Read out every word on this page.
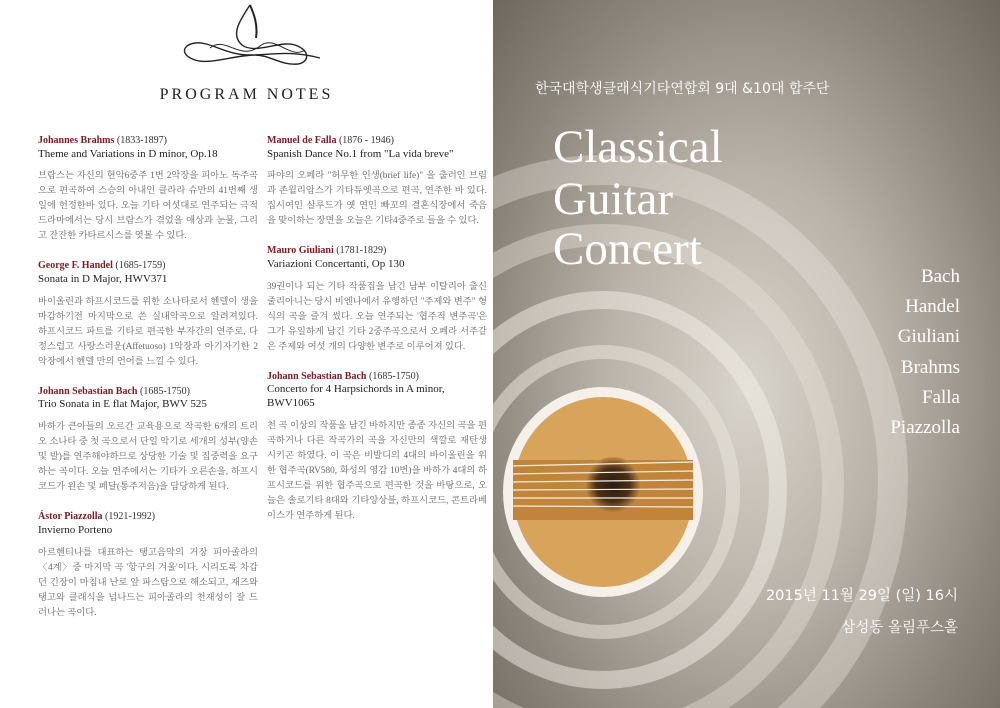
PROGRAM NOTES
Johannes Brahms (1833-1897)
Theme and Variations in D minor, Op.18
브람스는 자신의 현악6중주 1번 2악장을 피아노 독주곡으로 편곡하여 스승의 아내인 클라라 슈만의 41번째 생일에 헌정한바 있다. 오늘 기타 여섯대로 연주되는 극적 드라마에서는 당시 브람스가 겪었을 애상과 눈물, 그리고 잔잔한 카타르시스를 엿볼 수 있다.
George F. Handel (1685-1759)
Sonata in D Major, HWV371
바이올린과 하프시코드를 위한 소나타로서 헨델이 생을 마감하기전 마지막으로 쓴 실내악곡으로 알려져있다. 하프시코드 파트를 기타로 편곡한 부자간의 연주로, 다정스럽고 사랑스러운(Affetuoso) 1악장과 아기자기한 2악장에서 헨델 만의 언어를 느낄 수 있다.
Johann Sebastian Bach (1685-1750)
Trio Sonata in E flat Major, BWV 525
바하가 큰아들의 오르간 교육용으로 작곡한 6개의 트리오 소나타 중 첫 곡으로서 단일 악기로 세개의 성부(양손 및 발)를 연주해야하므로 상당한 기술 및 집중력을 요구하는 곡이다. 오늘 연주에서는 기타가 오른손을, 하프시코드가 왼손 및 페달(통주저음)을 담당하게 된다.
Ástor Piazzolla (1921-1992)
Invierno Porteno
아르헨티나를 대표하는 탱고음악의 거장 피아졸라의 〈4계〉중 마지막 곡 '항구의 겨울'이다. 시리도록 차갑던 긴장이 마침내 난로 앞 파스탐으로 해소되고, 재즈와 탱고와 클래식을 넘나드는 피아졸라의 천재성이 잘 드러나는 곡이다.
Manuel de Falla (1876 - 1946)
Spanish Dance No.1 from "La vida breve"
파야의 오페라 "허무한 인생(brief life)" 을 출러인 브림과 존윌리암스가 기타듀엣곡으로 편곡, 연주한 바 있다. 집시여인 살루드가 옛 연인 빠꼬의 결혼식장에서 죽음을 맞이하는 장면을 오늘은 기타4중주로 들을 수 있다.
Mauro Giuliani (1781-1829)
Variazioni Concertanti, Op 130
39권이나 되는 기타 작품집을 남긴 남부 이탈리아 출신 줄리아니는 당시 비엔나에서 유행하던 "주제와 변주" 형식의 곡을 즐겨 썼다. 오늘 연주되는 '협주적 변주곡'은 그가 유일하게 남긴 기타 2중주곡으로서 오페라 서주같은 주제와 여섯 개의 다양한 변주로 이루어져 있다.
Johann Sebastian Bach (1685-1750)
Concerto for 4 Harpsichords in A minor, BWV1065
천 곡 이상의 작품을 남긴 바하지만 종종 자신의 곡을 편곡하거나 다른 작곡가의 곡을 자신만의 색깔로 재탄생시키곤 하였다. 이 곡은 비발디의 4대의 바이올린을 위한 협주곡(RV580, 화성의 영감 10번)을 바하가 4대의 하프시코드를 위한 협주곡으로 편곡한 것을 바탕으로, 오늘은 솔로기타 8대와 기타앙상블, 하프시코드, 콘트라베이스가 연주하게 된다.
한국대학생클래식기타연합회 9대 &10대 합주단
Classical
Guitar
Concert
Bach
Handel
Giuliani
Brahms
Falla
Piazzolla
2015년 11월 29일 (일) 16시
삼성동 올림푸스홀
